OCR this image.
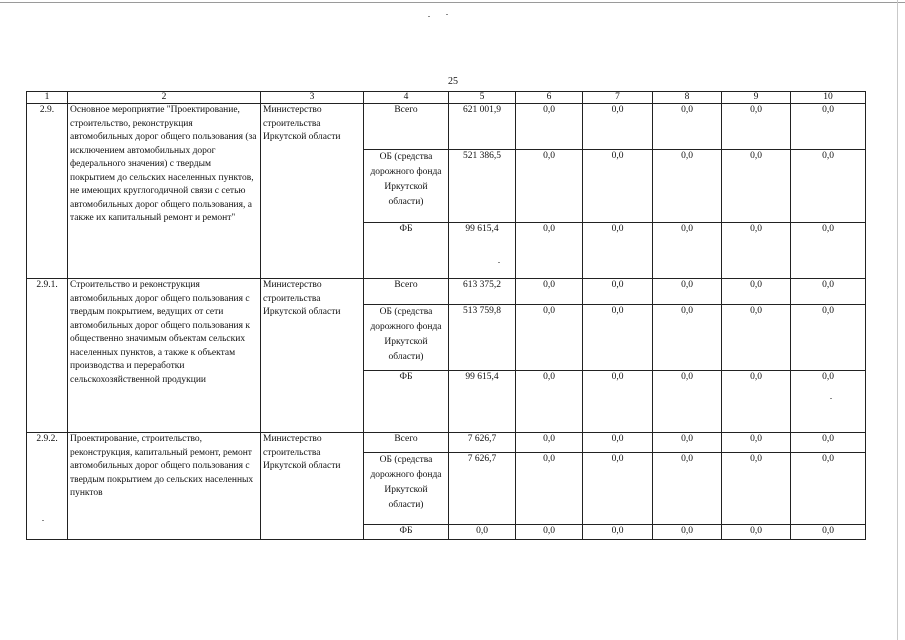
25
1	2	3	4	5	6	7	8	9	10
2.9.	Основное мероприятие "Проектирование, строительство, реконструкция автомобильных дорог общего пользования (за исключением автомобильных дорог федерального значения) с твердым покрытием до сельских населенных пунктов, не имеющих круглогодичной связи с сетью автомобильных дорог общего пользования, а также их капитальный ремонт и ремонт"	Министерство строительства Иркутской области	Всего	621 001,9	0,0	0,0	0,0	0,0	0,0
			ОБ (средства дорожного фонда Иркутской области)	521 386,5	0,0	0,0	0,0	0,0	0,0
			ФБ	99 615,4	0,0	0,0	0,0	0,0	0,0
2.9.1.	Строительство и реконструкция автомобильных дорог общего пользования с твердым покрытием, ведущих от сети автомобильных дорог общего пользования к общественно значимым объектам сельских населенных пунктов, а также к объектам производства и переработки сельскохозяйственной продукции	Министерство строительства Иркутской области	Всего	613 375,2	0,0	0,0	0,0	0,0	0,0
			ОБ (средства дорожного фонда Иркутской области)	513 759,8	0,0	0,0	0,0	0,0	0,0
			ФБ	99 615,4	0,0	0,0	0,0	0,0	0,0
2.9.2.	Проектирование, строительство, реконструкция, капитальный ремонт, ремонт автомобильных дорог общего пользования с твердым покрытием до сельских населенных пунктов	Министерство строительства Иркутской области	Всего	7 626,7	0,0	0,0	0,0	0,0	0,0
			ОБ (средства дорожного фонда Иркутской области)	7 626,7	0,0	0,0	0,0	0,0	0,0
			ФБ	0,0	0,0	0,0	0,0	0,0	0,0
